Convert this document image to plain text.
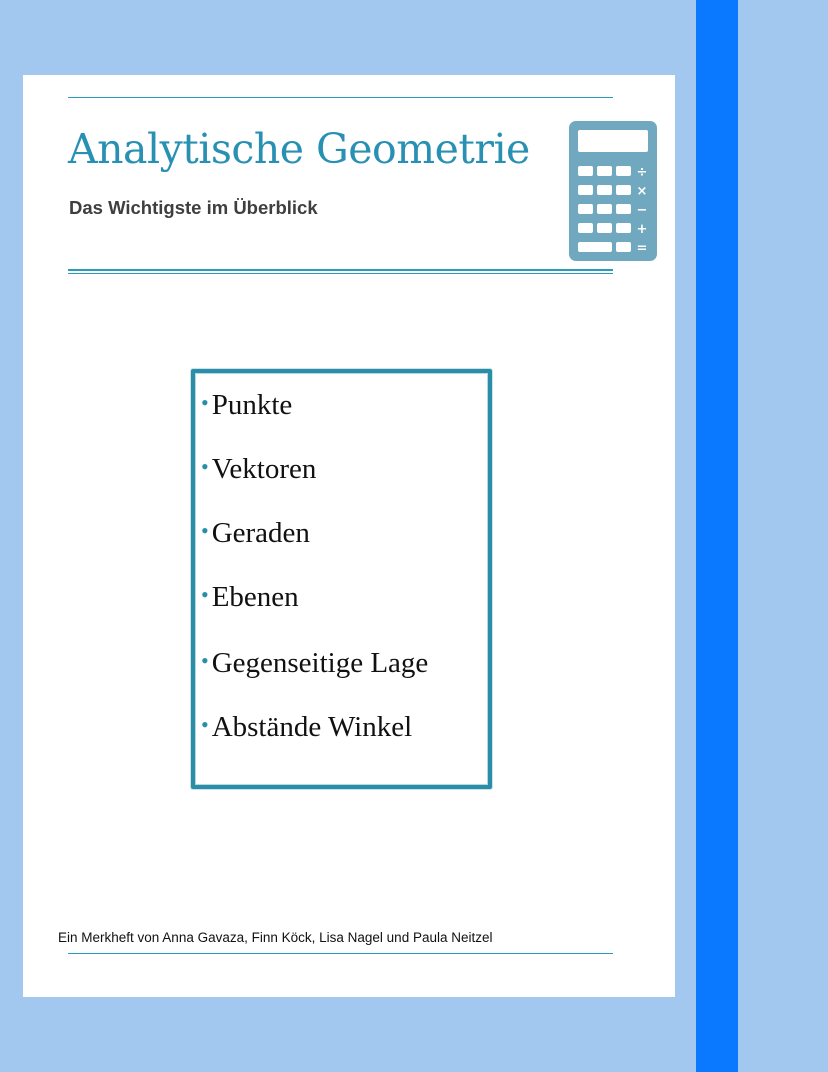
Analytische Geometrie
Das Wichtigste im Überblick
÷
×
−
+
=
• Punkte
• Vektoren
• Geraden
• Ebenen
• Gegenseitige Lage
• Abstände Winkel
Ein Merkheft von Anna Gavaza, Finn Köck, Lisa Nagel und Paula Neitzel
